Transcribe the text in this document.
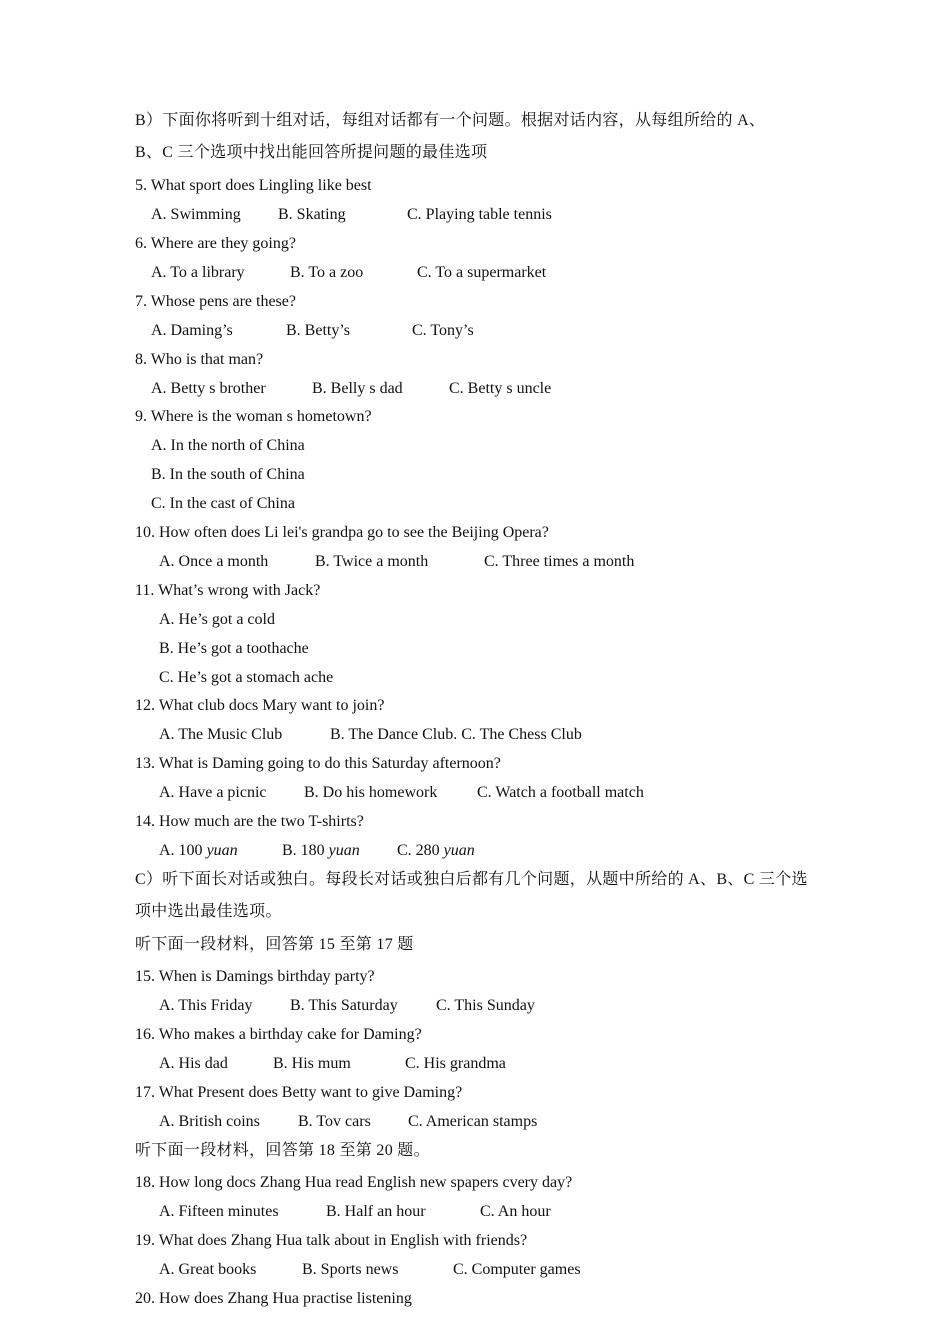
B）下面你将听到十组对话，每组对话都有一个问题。根据对话内容，从每组所给的 A、
B、C 三个选项中找出能回答所提问题的最佳选项
5. What sport does Lingling like best
A. Swimming B. Skating	C. Playing table tennis
6. Where are they going?
A. To a library	B. To a zoo	C. To a supermarket
7. Whose pens are these?
A. Daming’s	B. Betty’s	C. Tony’s
8. Who is that man?
A. Betty s brother	B. Belly s dad	C. Betty s uncle
9. Where is the woman s hometown?
A. In the north of China
B. In the south of China
C. In the cast of China
10. How often does Li lei's grandpa go to see the Beijing Opera?
A. Once a month	B. Twice a month	C. Three times a month
11. What’s wrong with Jack?
A. He’s got a cold
B. He’s got a toothache
C. He’s got a stomach ache
12. What club docs Mary want to join?
A. The Music Club	B. The Dance Club. C. The Chess Club
13. What is Daming going to do this Saturday afternoon?
A. Have a picnic B. Do his homework C. Watch a football match
14. How much are the two T-shirts?
A. 100 yuan	B. 180 yuan C. 280 yuan
C）听下面长对话或独白。每段长对话或独白后都有几个问题，从题中所给的 A、B、C 三个选
项中选出最佳选项。
听下面一段材料，回答第 15 至第 17 题
15. When is Damings birthday party?
A. This Friday B. This Saturday C. This Sunday
16. Who makes a birthday cake for Daming?
A. His dad	B. His mum	C. His grandma
17. What Present does Betty want to give Daming?
A. British coins B. Tov cars C. American stamps
听下面一段材料，回答第 18 至第 20 题。
18. How long docs Zhang Hua read English new spapers cvery day?
A. Fifteen minutes	B. Half an hour	C. An hour
19. What does Zhang Hua talk about in English with friends?
A. Great books	B. Sports news	C. Computer games
20. How does Zhang Hua practise listening
